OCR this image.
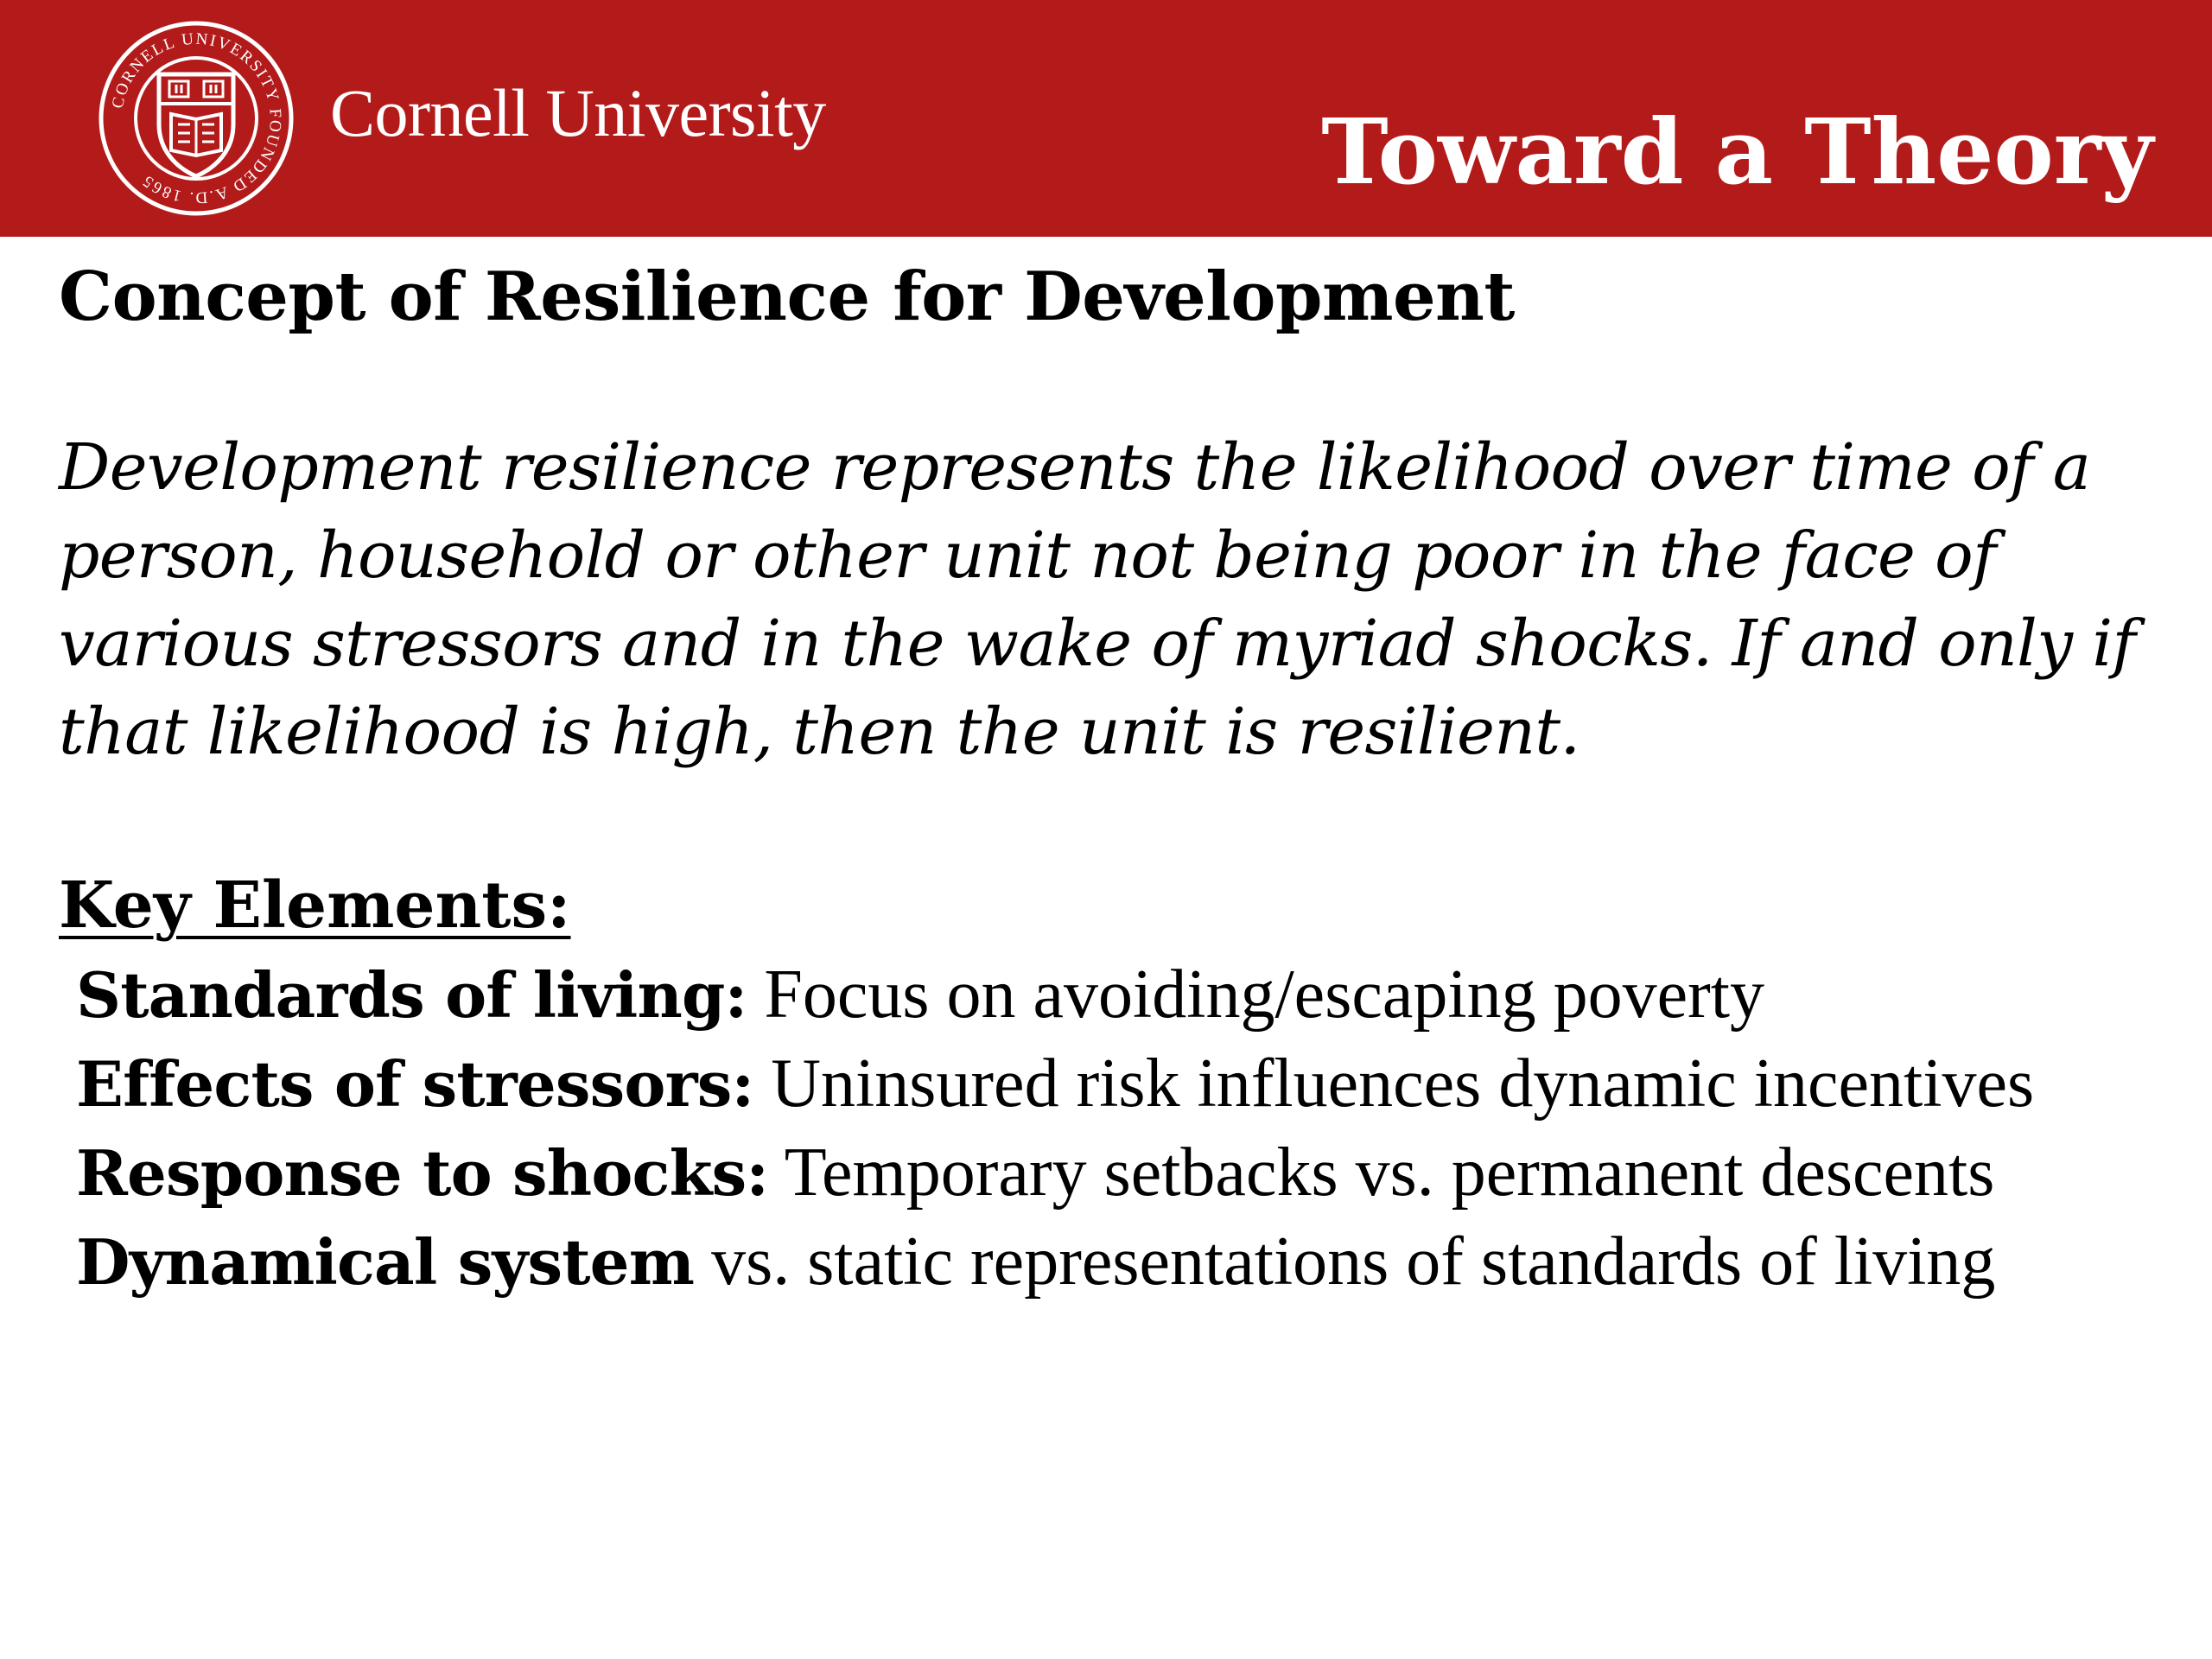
CORNELL UNIVERSITY FOUNDED A.D. 1865
Cornell University	Toward a Theory
Concept of Resilience for Development

Development resilience represents the likelihood over time of a person, household or other unit not being poor in the face of various stressors and in the wake of myriad shocks. If and only if that likelihood is high, then the unit is resilient.

Key Elements:
Standards of living: Focus on avoiding/escaping poverty
Effects of stressors: Uninsured risk influences dynamic incentives
Response to shocks: Temporary setbacks vs. permanent descents
Dynamical system vs. static representations of standards of living
